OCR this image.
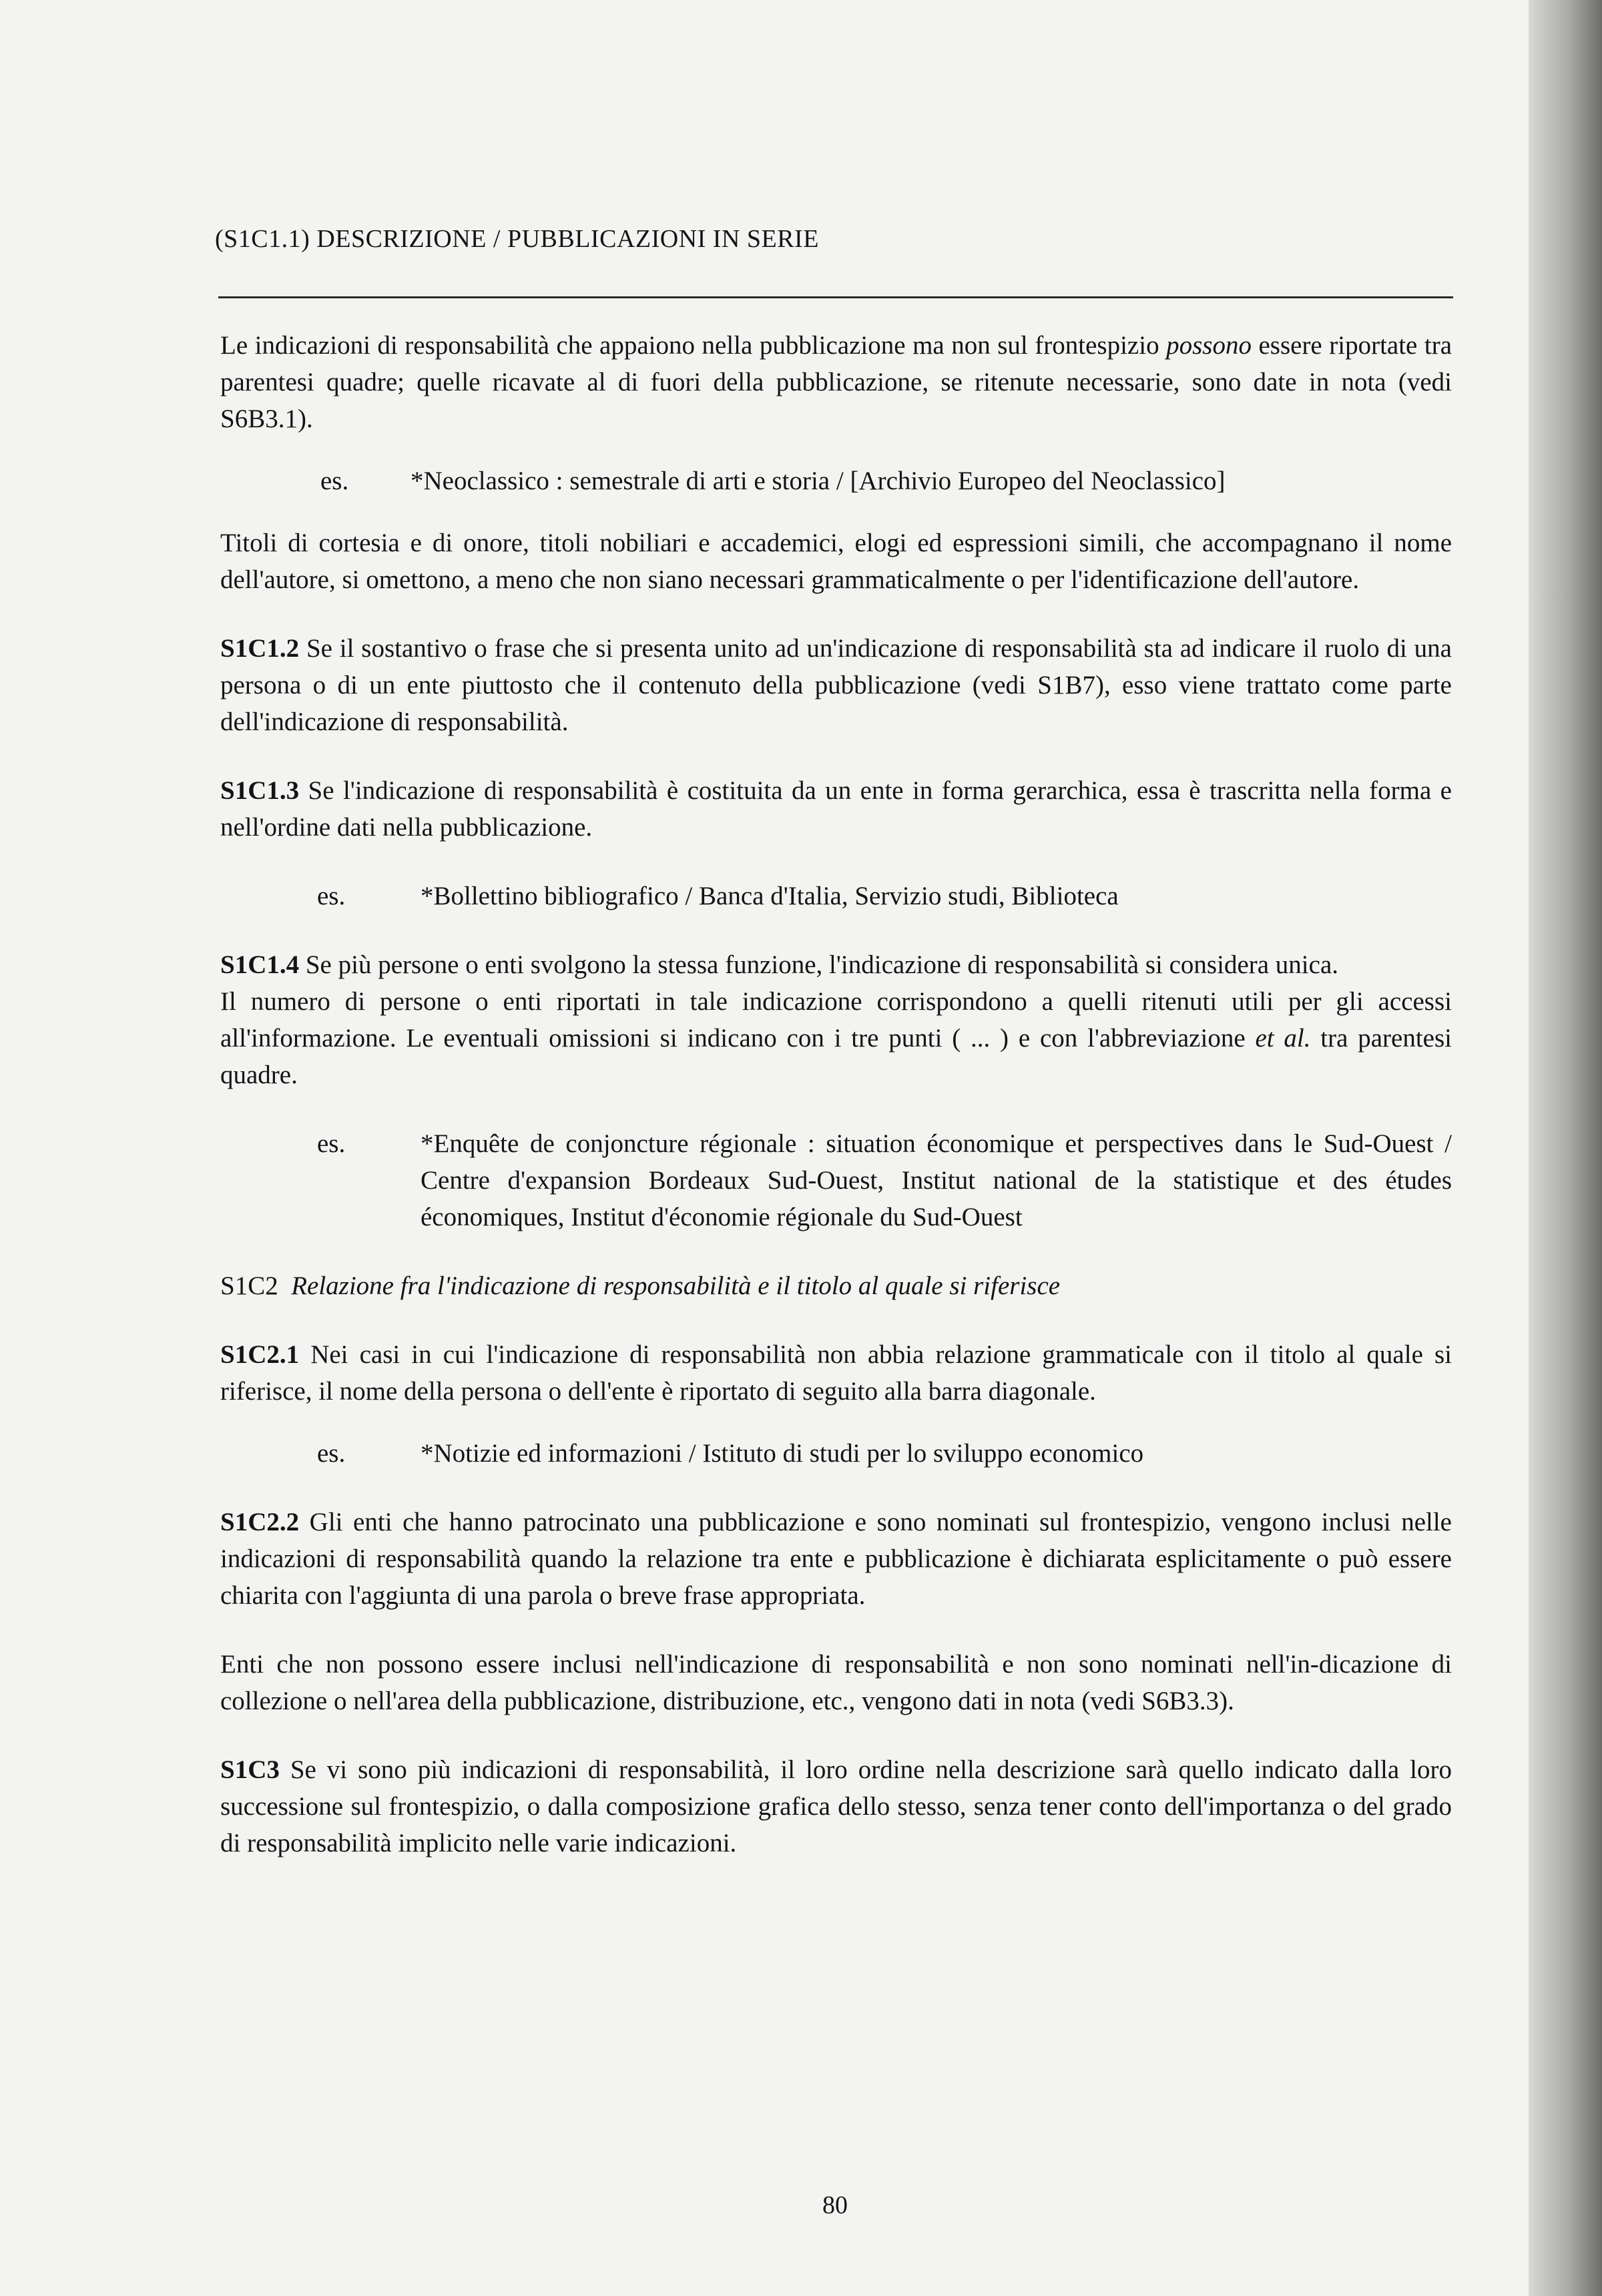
(S1C1.1) DESCRIZIONE / PUBBLICAZIONI IN SERIE

Le indicazioni di responsabilità che appaiono nella pubblicazione ma non sul frontespizio possono essere riportate tra parentesi quadre; quelle ricavate al di fuori della pubblicazione, se ritenute necessarie, sono date in nota (vedi S6B3.1).

es.	*Neoclassico : semestrale di arti e storia / [Archivio Europeo del Neoclassico]

Titoli di cortesia e di onore, titoli nobiliari e accademici, elogi ed espressioni simili, che accompagnano il nome dell'autore, si omettono, a meno che non siano necessari grammaticalmente o per l'identificazione dell'autore.

S1C1.2 Se il sostantivo o frase che si presenta unito ad un'indicazione di responsabilità sta ad indicare il ruolo di una persona o di un ente piuttosto che il contenuto della pubblicazione (vedi S1B7), esso viene trattato come parte dell'indicazione di responsabilità.

S1C1.3 Se l'indicazione di responsabilità è costituita da un ente in forma gerarchica, essa è trascritta nella forma e nell'ordine dati nella pubblicazione.

es.	*Bollettino bibliografico / Banca d'Italia, Servizio studi, Biblioteca

S1C1.4 Se più persone o enti svolgono la stessa funzione, l'indicazione di responsabilità si considera unica.

Il numero di persone o enti riportati in tale indicazione corrispondono a quelli ritenuti utili per gli accessi all'informazione. Le eventuali omissioni si indicano con i tre punti ( ... ) e con l'abbreviazione et al. tra parentesi quadre.

es.	*Enquête de conjoncture régionale : situation économique et perspectives dans le Sud-Ouest / Centre d'expansion Bordeaux Sud-Ouest, Institut national de la statistique et des études économiques, Institut d'économie régionale du Sud-Ouest

S1C2 Relazione fra l'indicazione di responsabilità e il titolo al quale si riferisce

S1C2.1 Nei casi in cui l'indicazione di responsabilità non abbia relazione grammaticale con il titolo al quale si riferisce, il nome della persona o dell'ente è riportato di seguito alla barra diagonale.

es.	*Notizie ed informazioni / Istituto di studi per lo sviluppo economico

S1C2.2 Gli enti che hanno patrocinato una pubblicazione e sono nominati sul frontespizio, vengono inclusi nelle indicazioni di responsabilità quando la relazione tra ente e pubblicazione è dichiarata esplicitamente o può essere chiarita con l'aggiunta di una parola o breve frase appropriata.

Enti che non possono essere inclusi nell'indicazione di responsabilità e non sono nominati nell'in-dicazione di collezione o nell'area della pubblicazione, distribuzione, etc., vengono dati in nota (vedi S6B3.3).

S1C3 Se vi sono più indicazioni di responsabilità, il loro ordine nella descrizione sarà quello indicato dalla loro successione sul frontespizio, o dalla composizione grafica dello stesso, senza tener conto dell'importanza o del grado di responsabilità implicito nelle varie indicazioni.

80
